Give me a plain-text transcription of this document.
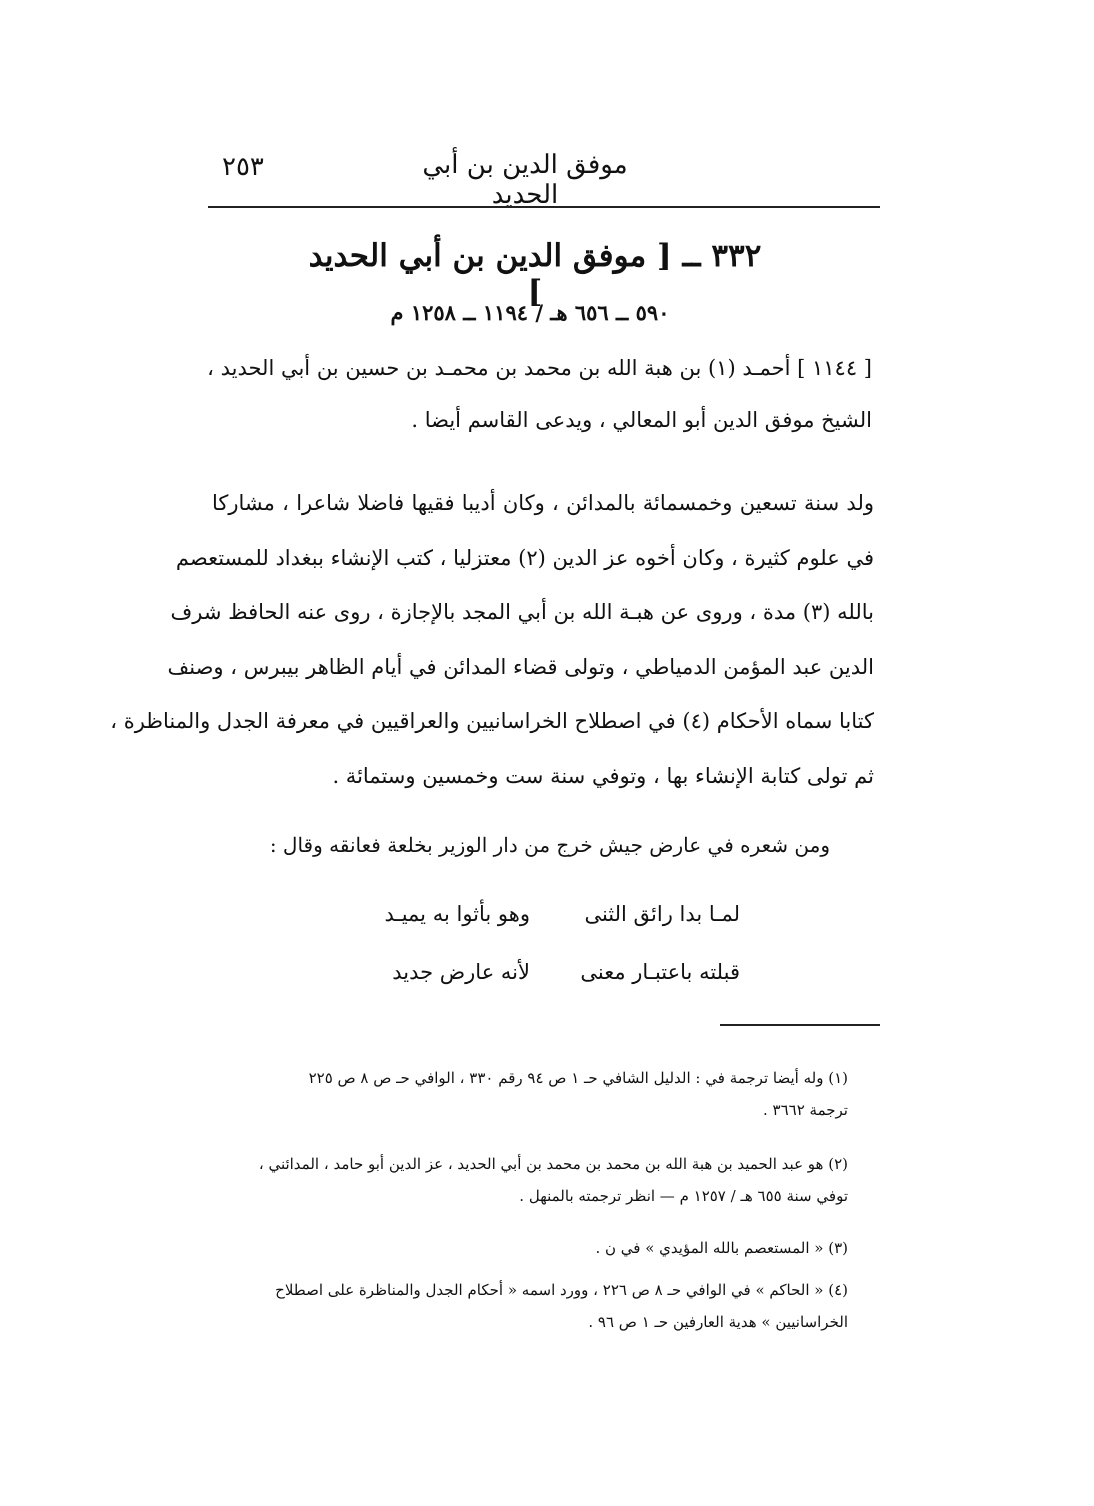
موفق الدين بن أبي الحديد
٢٥٣
٣٣٢ ــ [ موفق الدين بن أبي الحديد ]
٥٩٠ ــ ٦٥٦ هـ / ١١٩٤ ــ ١٢٥٨ م
[ ١١٤٤ ] أحمـد (١) بن هبة الله بن محمد بن محمـد بن حسين بن أبي الحديد ،
الشيخ موفق الدين أبو المعالي ، ويدعى القاسم أيضا .
ولد سنة تسعين وخمسمائة بالمدائن ، وكان أديبا فقيها فاضلا شاعرا ، مشاركا
في علوم كثيرة ، وكان أخوه عز الدين (٢) معتزليا ، كتب الإنشاء ببغداد للمستعصم
بالله (٣) مدة ، وروى عن هبـة الله بن أبي المجد بالإجازة ، روى عنه الحافظ شرف
الدين عبد المؤمن الدمياطي ، وتولى قضاء المدائن في أيام الظاهر بيبرس ، وصنف
كتابا سماه الأحكام (٤) في اصطلاح الخراسانيين والعراقيين في معرفة الجدل والمناظرة ،
ثم تولى كتابة الإنشاء بها ، وتوفي سنة ست وخمسين وستمائة .
ومن شعره في عارض جيش خرج من دار الوزير بخلعة فعانقه وقال :
لمـا بدا رائق الثنى
وهو بأثوا به يميـد
قبلته باعتبـار معنى
لأنه عارض جديد
(١) وله أيضا ترجمة في : الدليل الشافي حـ ١ ص ٩٤ رقم ٣٣٠ ، الوافي حـ ص ٨ ص ٢٢٥
ترجمة ٣٦٦٢ .
(٢) هو عبد الحميد بن هبة الله بن محمد بن محمد بن أبي الحديد ، عز الدين أبو حامد ، المدائني ،
توفي سنة ٦٥٥ هـ / ١٢٥٧ م — انظر ترجمته بالمنهل .
(٣) « المستعصم بالله المؤيدي » في ن .
(٤) « الحاكم » في الوافي حـ ٨ ص ٢٢٦ ، وورد اسمه « أحكام الجدل والمناظرة على اصطلاح
الخراسانيين » هدية العارفين حـ ١ ص ٩٦ .
